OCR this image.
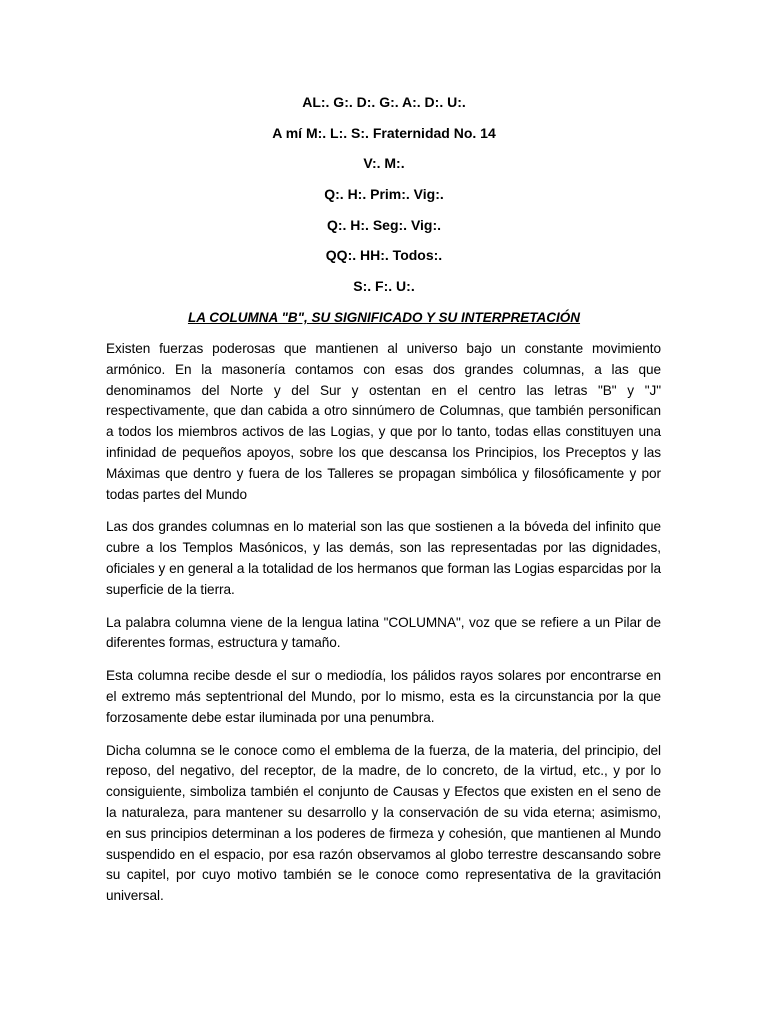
AL:. G:. D:. G:. A:. D:. U:.
A mí M:. L:. S:. Fraternidad No. 14
V:. M:.
Q:. H:. Prim:. Vig:.
Q:. H:. Seg:. Vig:.
QQ:. HH:. Todos:.
S:. F:. U:.
LA COLUMNA "B", SU SIGNIFICADO Y SU INTERPRETACIÓN

Existen fuerzas poderosas que mantienen al universo bajo un constante movimiento armónico. En la masonería contamos con esas dos grandes columnas, a las que denominamos del Norte y del Sur y ostentan en el centro las letras "B" y "J" respectivamente, que dan cabida a otro sinnúmero de Columnas, que también personifican a todos los miembros activos de las Logias, y que por lo tanto, todas ellas constituyen una infinidad de pequeños apoyos, sobre los que descansa los Principios, los Preceptos y las Máximas que dentro y fuera de los Talleres se propagan simbólica y filosóficamente y por todas partes del Mundo

Las dos grandes columnas en lo material son las que sostienen a la bóveda del infinito que cubre a los Templos Masónicos, y las demás, son las representadas por las dignidades, oficiales y en general a la totalidad de los hermanos que forman las Logias esparcidas por la superficie de la tierra.

La palabra columna viene de la lengua latina "COLUMNA", voz que se refiere a un Pilar de diferentes formas, estructura y tamaño.

Esta columna recibe desde el sur o mediodía, los pálidos rayos solares por encontrarse en el extremo más septentrional del Mundo, por lo mismo, esta es la circunstancia por la que forzosamente debe estar iluminada por una penumbra.

Dicha columna se le conoce como el emblema de la fuerza, de la materia, del principio, del reposo, del negativo, del receptor, de la madre, de lo concreto, de la virtud, etc., y por lo consiguiente, simboliza también el conjunto de Causas y Efectos que existen en el seno de la naturaleza, para mantener su desarrollo y la conservación de su vida eterna; asimismo, en sus principios determinan a los poderes de firmeza y cohesión, que mantienen al Mundo suspendido en el espacio, por esa razón observamos al globo terrestre descansando sobre su capitel, por cuyo motivo también se le conoce como representativa de la gravitación universal.
